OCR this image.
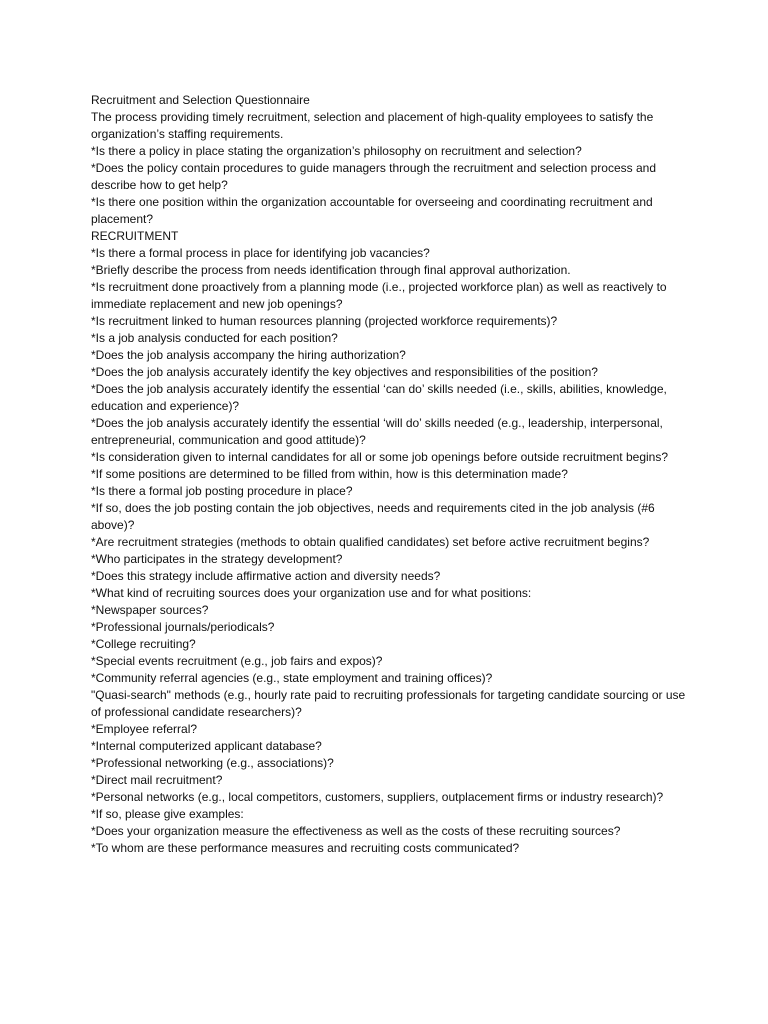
Recruitment and Selection Questionnaire

The process providing timely recruitment, selection and placement of high-quality employees to satisfy the organization’s staffing requirements.

*Is there a policy in place stating the organization’s philosophy on recruitment and selection?

*Does the policy contain procedures to guide managers through the recruitment and selection process and describe how to get help?

*Is there one position within the organization accountable for overseeing and coordinating recruitment and placement?

RECRUITMENT

*Is there a formal process in place for identifying job vacancies?

*Briefly describe the process from needs identification through final approval authorization.

*Is recruitment done proactively from a planning mode (i.e., projected workforce plan) as well as reactively to immediate replacement and new job openings?

*Is recruitment linked to human resources planning (projected workforce requirements)?

*Is a job analysis conducted for each position?

*Does the job analysis accompany the hiring authorization?

*Does the job analysis accurately identify the key objectives and responsibilities of the position?

*Does the job analysis accurately identify the essential ‘can do’ skills needed (i.e., skills, abilities, knowledge, education and experience)?

*Does the job analysis accurately identify the essential ‘will do’ skills needed (e.g., leadership, interpersonal, entrepreneurial, communication and good attitude)?

*Is consideration given to internal candidates for all or some job openings before outside recruitment begins?

*If some positions are determined to be filled from within, how is this determination made?

*Is there a formal job posting procedure in place?

*If so, does the job posting contain the job objectives, needs and requirements cited in the job analysis (#6 above)?

*Are recruitment strategies (methods to obtain qualified candidates) set before active recruitment begins?

*Who participates in the strategy development?

*Does this strategy include affirmative action and diversity needs?

*What kind of recruiting sources does your organization use and for what positions:

*Newspaper sources?

*Professional journals/periodicals?

*College recruiting?

*Special events recruitment (e.g., job fairs and expos)?

*Community referral agencies (e.g., state employment and training offices)?

"Quasi-search" methods (e.g., hourly rate paid to recruiting professionals for targeting candidate sourcing or use of professional candidate researchers)?

*Employee referral?

*Internal computerized applicant database?

*Professional networking (e.g., associations)?

*Direct mail recruitment?

*Personal networks (e.g., local competitors, customers, suppliers, outplacement firms or industry research)?

*If so, please give examples:

*Does your organization measure the effectiveness as well as the costs of these recruiting sources?

*To whom are these performance measures and recruiting costs communicated?
